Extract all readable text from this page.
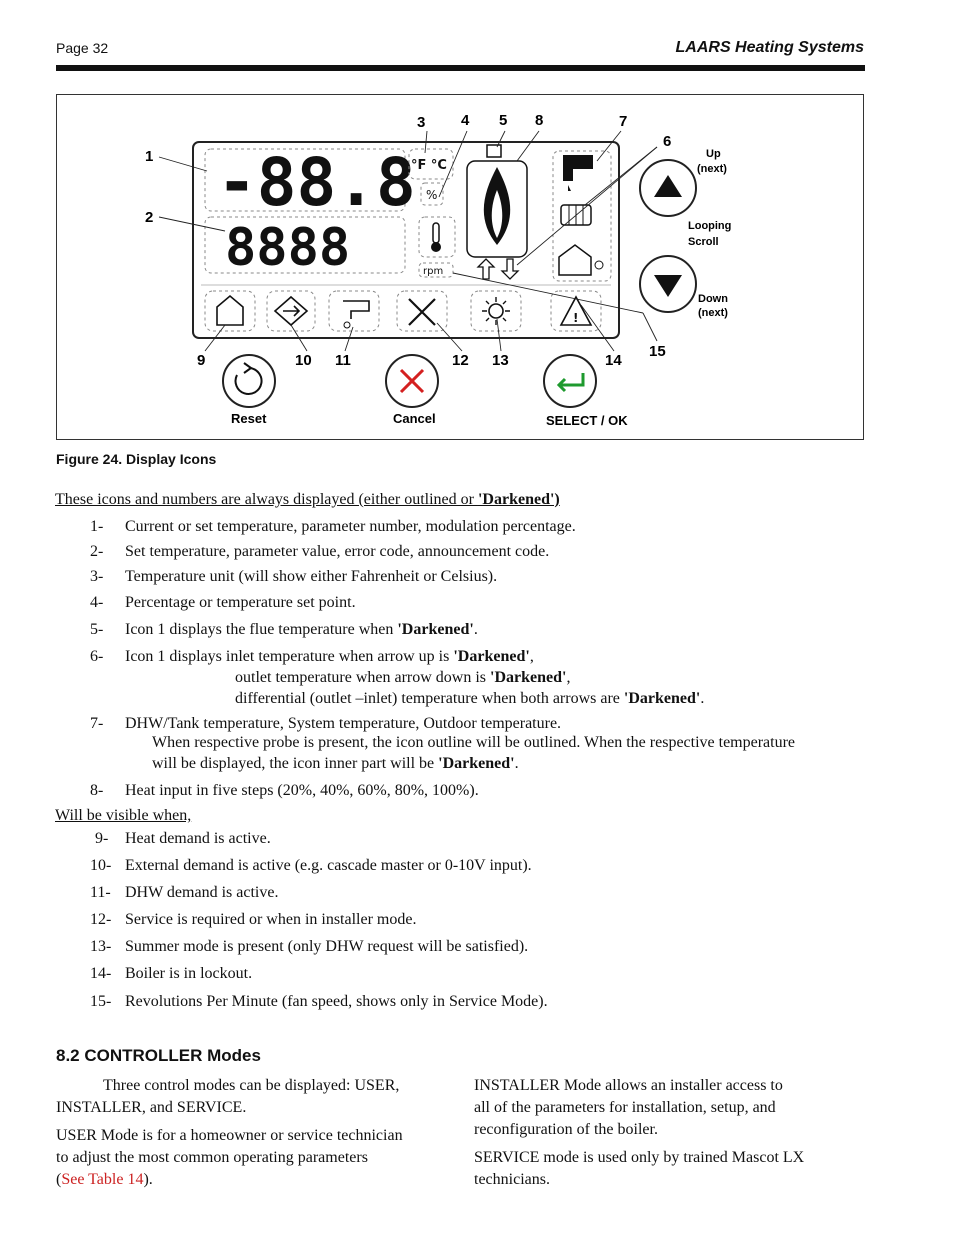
Page 32	LAARS Heating Systems
-88.8
8888
°F °C
%
rpm
!
1
2
3 4 5 8	7
6
9	10 11	12 13	14
15
Up
(next)
Looping
Scroll
Down
(next)
Reset	Cancel	SELECT / OK
Figure 24. Display Icons
These icons and numbers are always displayed (either outlined or 'Darkened')
1-	Current or set temperature, parameter number, modulation percentage.
2-	Set temperature, parameter value, error code, announcement code.
3-	Temperature unit (will show either Fahrenheit or Celsius).
4-	Percentage or temperature set point.
5-	Icon 1 displays the flue temperature when 'Darkened'.
6-	Icon 1 displays inlet temperature when arrow up is 'Darkened',
outlet temperature when arrow down is 'Darkened',
differential (outlet –inlet) temperature when both arrows are 'Darkened'.
7-	DHW/Tank temperature, System temperature, Outdoor temperature.
When respective probe is present, the icon outline will be outlined. When the respective temperature
will be displayed, the icon inner part will be 'Darkened'.
8-	Heat input in five steps (20%, 40%, 60%, 80%, 100%).
Will be visible when,
9-	Heat demand is active.
10- External demand is active (e.g. cascade master or 0-10V input).
11- DHW demand is active.
12- Service is required or when in installer mode.
13- Summer mode is present (only DHW request will be satisfied).
14- Boiler is in lockout.
15- Revolutions Per Minute (fan speed, shows only in Service Mode).
8.2 CONTROLLER Modes
Three control modes can be displayed: USER,
INSTALLER, and SERVICE.
USER Mode is for a homeowner or service technician
to adjust the most common operating parameters
(See Table 14).
INSTALLER Mode allows an installer access to
all of the parameters for installation, setup, and
reconfiguration of the boiler.
SERVICE mode is used only by trained Mascot LX
technicians.
